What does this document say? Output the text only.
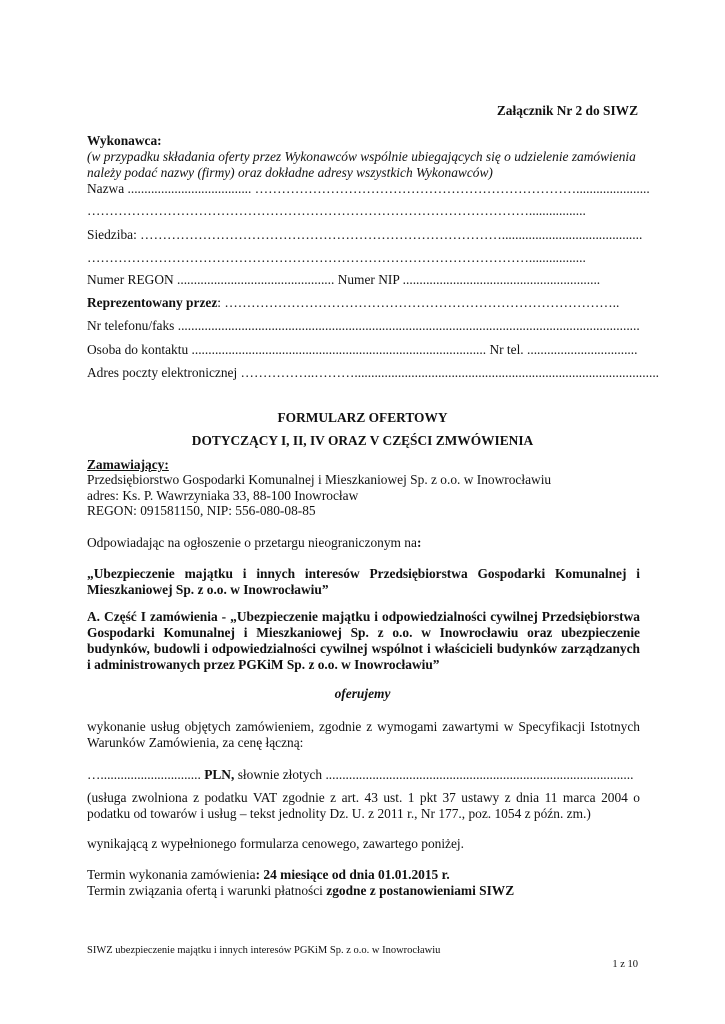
Załącznik Nr 2 do SIWZ
Wykonawca:
(w przypadku składania oferty przez Wykonawców wspólnie ubiegających się o udzielenie zamówienia
należy podać nazwy (firmy) oraz dokładne adresy wszystkich Wykonawców)
Nazwa ..................................... ………………………………………………………………......................
……………………………………………………………………………………….................
Siedziba: ………………………………………………………………………..........................................
……………………………………………………………………………………….................
Numer REGON ............................................... Numer NIP ...........................................................
Reprezentowany przez: ……………………………………………………………………………..
Nr telefonu/faks ..........................................................................................................................................
Osoba do kontaktu ........................................................................................ Nr tel. .................................
Adres poczty elektronicznej ……………..………...........................................................................................
FORMULARZ OFERTOWY
DOTYCZĄCY I, II, IV ORAZ V CZĘŚCI ZMWÓWIENIA
Zamawiający:
Przedsiębiorstwo Gospodarki Komunalnej i Mieszkaniowej Sp. z o.o. w Inowrocławiu
adres: Ks. P. Wawrzyniaka 33, 88-100 Inowrocław
REGON: 091581150, NIP: 556-080-08-85
Odpowiadając na ogłoszenie o przetargu nieograniczonym na:
„Ubezpieczenie majątku i innych interesów Przedsiębiorstwa Gospodarki Komunalnej i
Mieszkaniowej Sp. z o.o. w Inowrocławiu”
A. Część I zamówienia - „Ubezpieczenie majątku i odpowiedzialności cywilnej Przedsiębiorstwa
Gospodarki Komunalnej i Mieszkaniowej Sp. z o.o. w Inowrocławiu oraz ubezpieczenie
budynków, budowli i odpowiedzialności cywilnej wspólnot i właścicieli budynków zarządzanych
i administrowanych przez PGKiM Sp. z o.o. w Inowrocławiu”
oferujemy
wykonanie usług objętych zamówieniem, zgodnie z wymogami zawartymi w Specyfikacji Istotnych
Warunków Zamówienia, za cenę łączną:
….............................. PLN, słownie złotych ............................................................................................
(usługa zwolniona z podatku VAT zgodnie z art. 43 ust. 1 pkt 37 ustawy z dnia 11 marca 2004 o
podatku od towarów i usług – tekst jednolity Dz. U. z 2011 r., Nr 177., poz. 1054 z późn. zm.)
wynikającą z wypełnionego formularza cenowego, zawartego poniżej.
Termin wykonania zamówienia: 24 miesiące od dnia 01.01.2015 r.
Termin związania ofertą i warunki płatności zgodne z postanowieniami SIWZ
SIWZ ubezpieczenie majątku i innych interesów PGKiM Sp. z o.o. w Inowrocławiu
1 z 10
